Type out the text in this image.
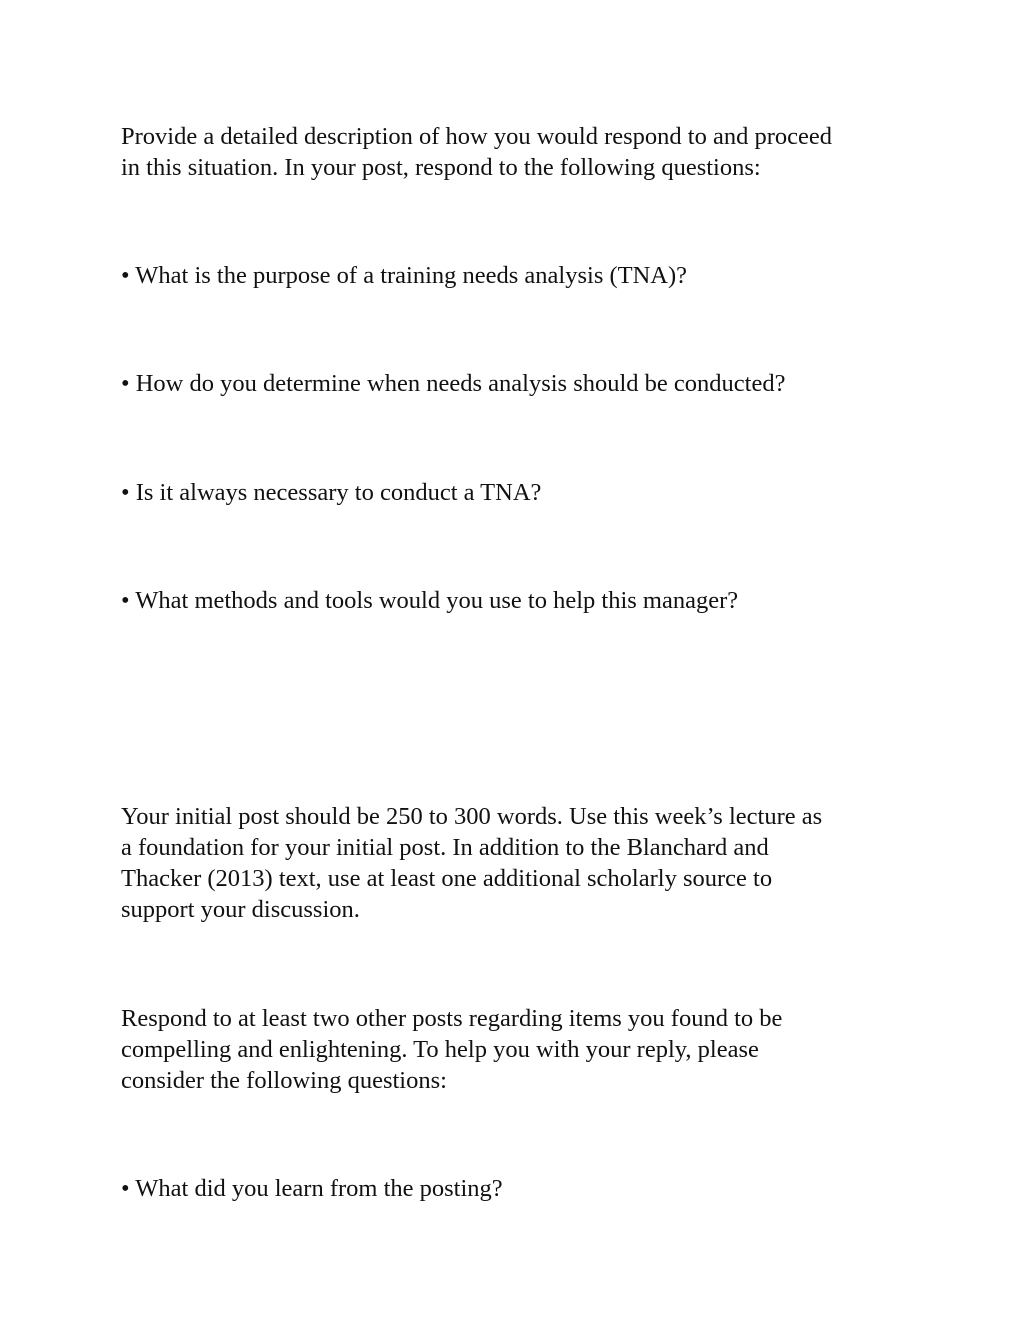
Provide a detailed description of how you would respond to and proceed
in this situation. In your post, respond to the following questions:

• What is the purpose of a training needs analysis (TNA)?

• How do you determine when needs analysis should be conducted?

• Is it always necessary to conduct a TNA?

• What methods and tools would you use to help this manager?

Your initial post should be 250 to 300 words. Use this week’s lecture as
a foundation for your initial post. In addition to the Blanchard and
Thacker (2013) text, use at least one additional scholarly source to
support your discussion.

Respond to at least two other posts regarding items you found to be
compelling and enlightening. To help you with your reply, please
consider the following questions:

• What did you learn from the posting?
